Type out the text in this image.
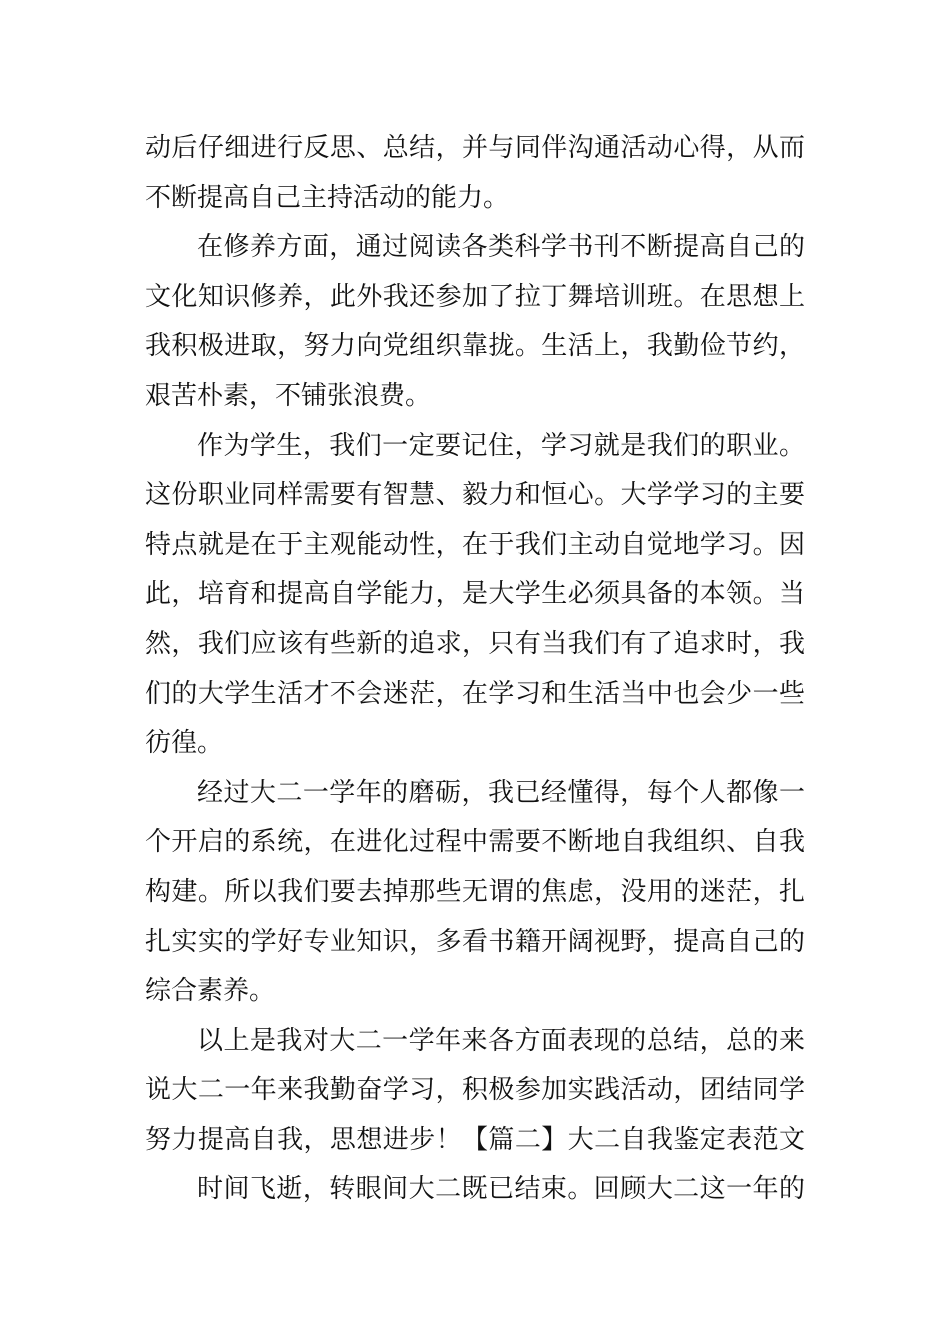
动后仔细进行反思、总结，并与同伴沟通活动心得，从而
不断提高自己主持活动的能力。
在修养方面，通过阅读各类科学书刊不断提高自己的
文化知识修养，此外我还参加了拉丁舞培训班。在思想上
我积极进取，努力向党组织靠拢。生活上，我勤俭节约，
艰苦朴素，不铺张浪费。
作为学生，我们一定要记住，学习就是我们的职业。
这份职业同样需要有智慧、毅力和恒心。大学学习的主要
特点就是在于主观能动性，在于我们主动自觉地学习。因
此，培育和提高自学能力，是大学生必须具备的本领。当
然，我们应该有些新的追求，只有当我们有了追求时，我
们的大学生活才不会迷茫，在学习和生活当中也会少一些
彷徨。
经过大二一学年的磨砺，我已经懂得，每个人都像一
个开启的系统，在进化过程中需要不断地自我组织、自我
构建。所以我们要去掉那些无谓的焦虑，没用的迷茫，扎
扎实实的学好专业知识，多看书籍开阔视野，提高自己的
综合素养。
以上是我对大二一学年来各方面表现的总结，总的来
说大二一年来我勤奋学习，积极参加实践活动，团结同学
努力提高自我，思想进步！【篇二】大二自我鉴定表范文
时间飞逝，转眼间大二既已结束。回顾大二这一年的
